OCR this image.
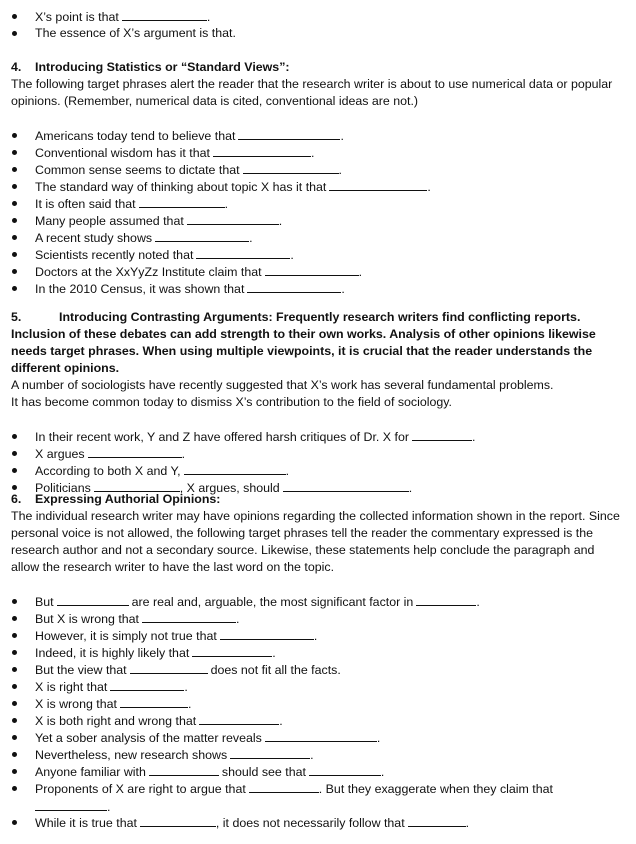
X’s point is that	.
The essence of X’s argument is that.
4. Introducing Statistics or “Standard Views”:
The following target phrases alert the reader that the research writer is about to use numerical data or popular opinions. (Remember, numerical data is cited, conventional ideas are not.)
Americans today tend to believe that	.
Conventional wisdom has it that	.
Common sense seems to dictate that	.
The standard way of thinking about topic X has it that	.
It is often said that	.
Many people assumed that	.
A recent study shows	.
Scientists recently noted that	.
Doctors at the XxYyZz Institute claim that	.
In the 2010 Census, it was shown that	.
5.	Introducing Contrasting Arguments: Frequently research writers find conflicting reports. Inclusion of these debates can add strength to their own works. Analysis of other opinions likewise needs target phrases. When using multiple viewpoints, it is crucial that the reader understands the different opinions.
A number of sociologists have recently suggested that X’s work has several fundamental problems.
It has become common today to dismiss X’s contribution to the field of sociology.
In their recent work, Y and Z have offered harsh critiques of Dr. X for	.
X argues	.
According to both X and Y,	.
Politicians	, X argues, should	.
6. Expressing Authorial Opinions:
The individual research writer may have opinions regarding the collected information shown in the report. Since personal voice is not allowed, the following target phrases tell the reader the commentary expressed is the research author and not a secondary source. Likewise, these statements help conclude the paragraph and allow the research writer to have the last word on the topic.
But	are real and, arguable, the most significant factor in	.
But X is wrong that	.
However, it is simply not true that	.
Indeed, it is highly likely that	.
But the view that	does not fit all the facts.
X is right that	.
X is wrong that	.
X is both right and wrong that	.
Yet a sober analysis of the matter reveals	.
Nevertheless, new research shows	.
Anyone familiar with	should see that	.
Proponents of X are right to argue that	. But they exaggerate when they claim that
.
While it is true that	, it does not necessarily follow that	.
